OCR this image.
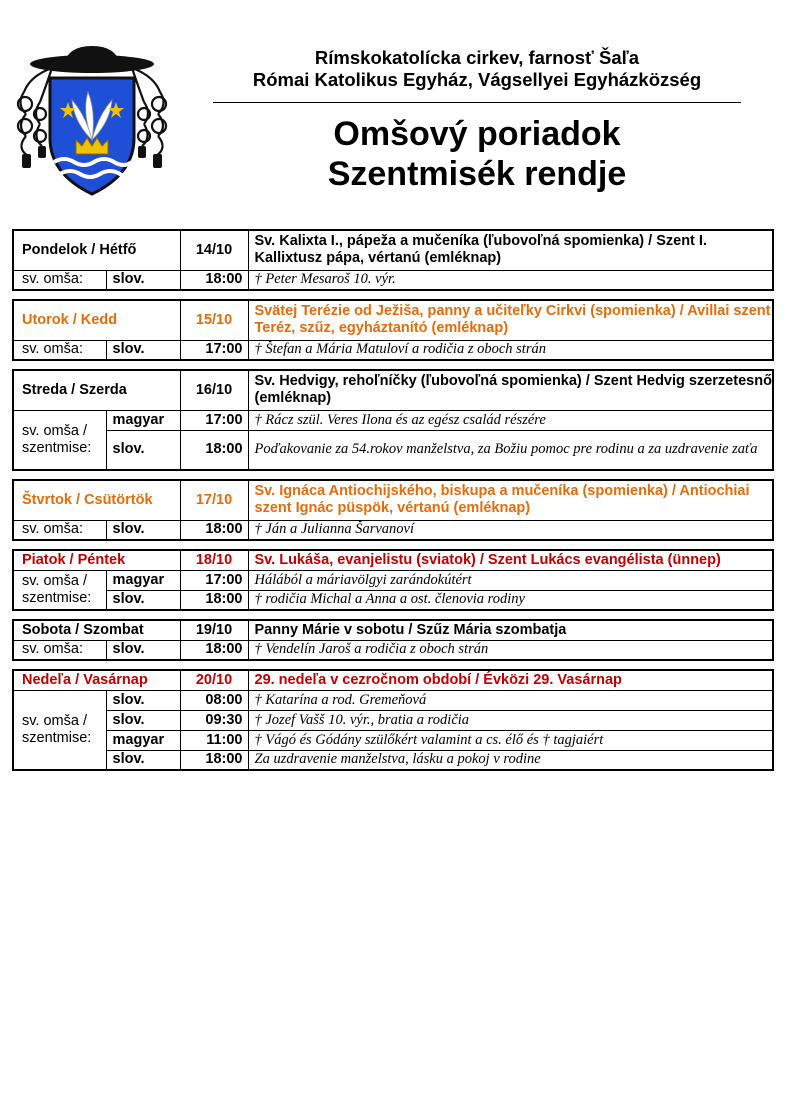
Rímskokatolícka cirkev, farnosť Šaľa
Római Katolikus Egyház, Vágsellyei Egyházközség
Omšový poriadok
Szentmisék rendje
Pondelok / Hétfő		14/10	Sv. Kalixta I., pápeža a mučeníka (ľubovoľná spomienka) / Szent I. Kallixtusz pápa, vértanú (emléknap)
sv. omša:	slov.	18:00	† Peter Mesaroš 10. výr.
Utorok / Kedd		15/10	Svätej Terézie od Ježiša, panny a učiteľky Cirkvi (spomienka) / Avillai szent Teréz, szűz, egyháztanító (emléknap)
sv. omša:	slov.	17:00	† Štefan a Mária Matuloví a rodičia z oboch strán
Streda / Szerda		16/10	Sv. Hedvigy, rehoľníčky (ľubovoľná spomienka) / Szent Hedvig szerzetesnő (emléknap)
sv. omša / szentmise:	magyar	17:00	† Rácz szül. Veres Ilona és az egész család részére
	slov.	18:00	Poďakovanie za 54.rokov manželstva, za Božiu pomoc pre rodinu a za uzdravenie zaťa
Štvrtok / Csütörtök		17/10	Sv. Ignáca Antiochijského, biskupa a mučeníka (spomienka) / Antiochiai szent Ignác püspök, vértanú (emléknap)
sv. omša:	slov.	18:00	† Ján a Julianna Šarvanoví
Piatok / Péntek		18/10	Sv. Lukáša, evanjelistu (sviatok) / Szent Lukács evangélista (ünnep)
sv. omša / szentmise:	magyar	17:00	Hálából a máriavölgyi zarándokútért
	slov.	18:00	† rodičia Michal a Anna a ost. členovia rodiny
Sobota / Szombat		19/10	Panny Márie v sobotu / Szűz Mária szombatja
sv. omša:	slov.	18:00	† Vendelín Jaroš a rodičia z oboch strán
Nedeľa / Vasárnap		20/10	29. nedeľa v cezročnom období / Évközi 29. Vasárnap
sv. omša / szentmise:	slov.	08:00	† Katarína a rod. Gremeňová
	slov.	09:30	† Jozef Vašš 10. výr., bratia a rodičia
	magyar	11:00	† Vágó és Gódány szülőkért valamint a cs. élő és † tagjaiért
	slov.	18:00	Za uzdravenie manželstva, lásku a pokoj v rodine
